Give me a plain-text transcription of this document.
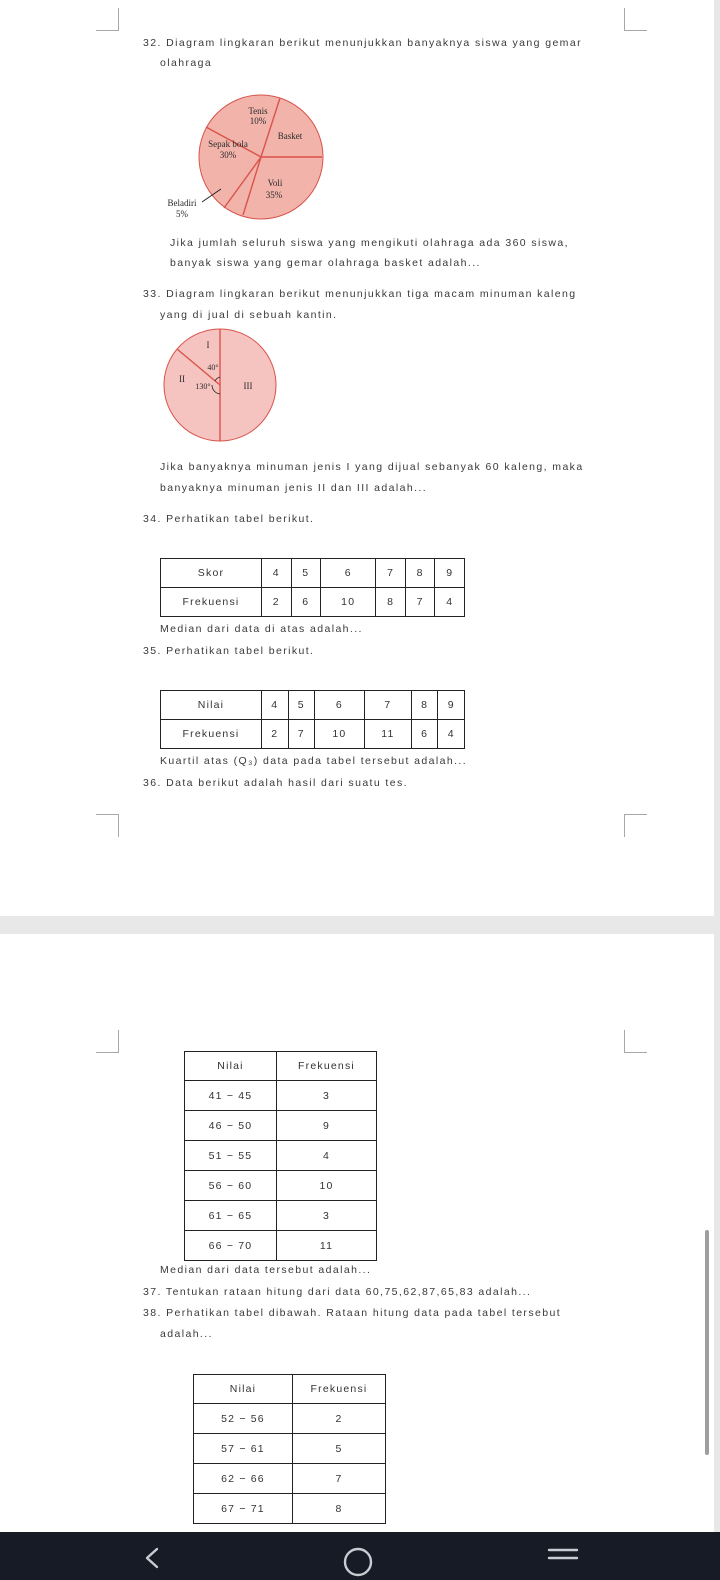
32. Diagram lingkaran berikut menunjukkan banyaknya siswa yang gemar
olahraga
Tenis
10%
Basket
Sepak bola
30%
Voli
35%
Beladiri
5%
Jika jumlah seluruh siswa yang mengikuti olahraga ada 360 siswa,
banyak siswa yang gemar olahraga basket adalah...
33. Diagram lingkaran berikut menunjukkan tiga macam minuman kaleng
yang di jual di sebuah kantin.
I
40°
II
130°	III
Jika banyaknya minuman jenis I yang dijual sebanyak 60 kaleng, maka
banyaknya minuman jenis II dan III adalah...
34. Perhatikan tabel berikut.
Skor	4	5	6	7	8	9
Frekuensi	2	6	10	8	7	4
Median dari data di atas adalah...
35. Perhatikan tabel berikut.
Nilai	4	5	6	7	8	9
Frekuensi	2	7	10	11	6	4
Kuartil atas (Q₃) data pada tabel tersebut adalah...
36. Data berikut adalah hasil dari suatu tes.
Nilai	Frekuensi
41 − 45	3
46 − 50	9
51 − 55	4
56 − 60	10
61 − 65	3
66 − 70	11
Median dari data tersebut adalah...
37. Tentukan rataan hitung dari data 60,75,62,87,65,83 adalah...
38. Perhatikan tabel dibawah. Rataan hitung data pada tabel tersebut
adalah...
Nilai	Frekuensi
52 − 56	2
57 − 61	5
62 − 66	7
67 − 71	8
